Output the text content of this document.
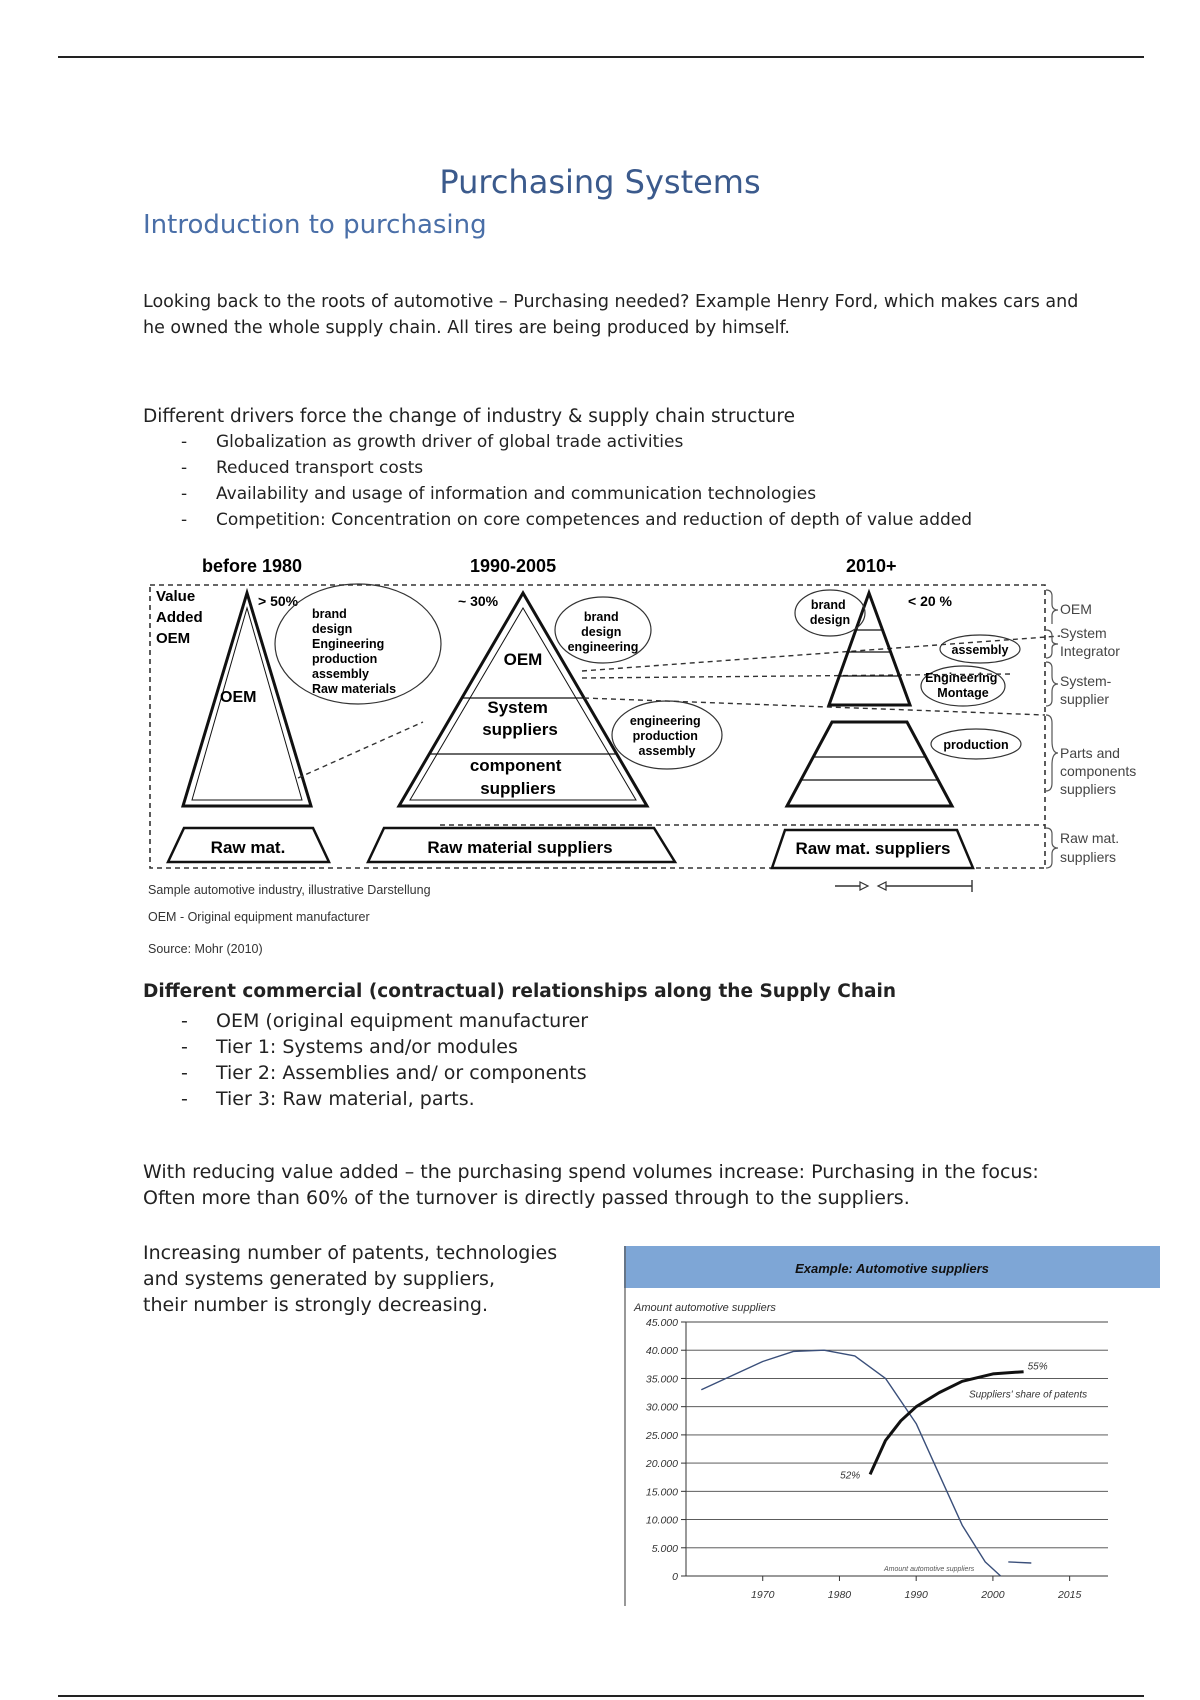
Purchasing Systems
Introduction to purchasing
Looking back to the roots of automotive – Purchasing needed? Example Henry Ford, which makes cars and he owned the whole supply chain. All tires are being produced by himself.
Different drivers force the change of industry & supply chain structure
- Globalization as growth driver of global trade activities
- Reduced transport costs
- Availability and usage of information and communication technologies
- Competition: Concentration on core competences and reduction of depth of value added
before 1980	1990-2005	2010+
Value Added OEM
> 50%
OEM
brand design Engineering production assembly Raw materials
Raw mat.
~ 30%
OEM
System suppliers
component suppliers
brand design engineering
engineering production assembly
Raw material suppliers
< 20 %
brand design
assembly
Engineering Montage
production
Raw mat. suppliers
OEM
System Integrator
System- supplier
Parts and components suppliers
Raw mat. suppliers
Sample automotive industry, illustrative Darstellung
OEM - Original equipment manufacturer
Source: Mohr (2010)
Different commercial (contractual) relationships along the Supply Chain
- OEM (original equipment manufacturer
- Tier 1: Systems and/or modules
- Tier 2: Assemblies and/ or components
- Tier 3: Raw material, parts.
With reducing value added – the purchasing spend volumes increase: Purchasing in the focus: Often more than 60% of the turnover is directly passed through to the suppliers.
Increasing number of patents, technologies
and systems generated by suppliers,
their number is strongly decreasing.
Example: Automotive suppliers
Amount automotive suppliers
45.000
40.000
35.000
30.000
25.000
20.000
15.000
10.000
5.000
0
1970	1980	1990	2000	2015
52%
55%
Suppliers' share of patents
Amount automotive suppliers
